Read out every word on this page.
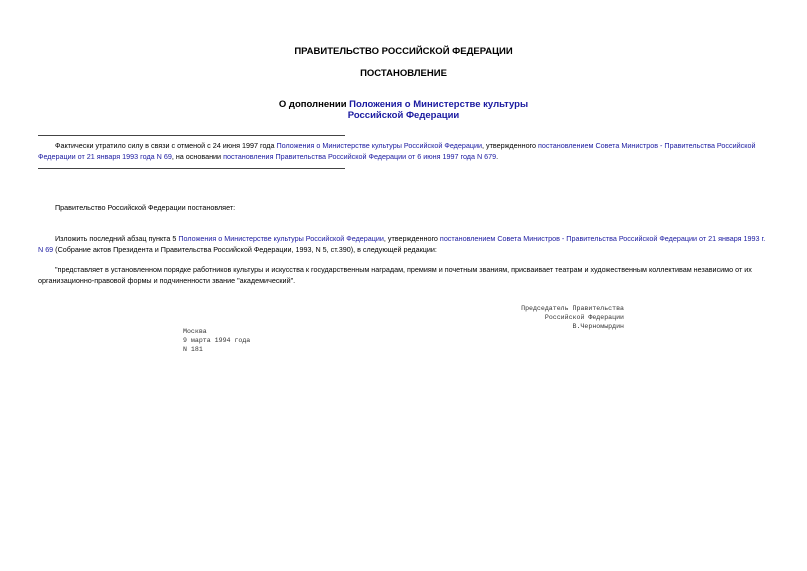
ПРАВИТЕЛЬСТВО РОССИЙСКОЙ ФЕДЕРАЦИИ
ПОСТАНОВЛЕНИЕ
О дополнении Положения о Министерстве культуры
Российской Федерации
Фактически утратило силу в связи с отменой с 24 июня 1997 года Положения о Министерстве культуры Российской Федерации, утвержденного постановлением Совета Министров - Правительства Российской Федерации от 21 января 1993 года N 69, на основании постановления Правительства Российской Федерации от 6 июня 1997 года N 679.
Правительство Российской Федерации постановляет:
Изложить последний абзац пункта 5 Положения о Министерстве культуры Российской Федерации, утвержденного постановлением Совета Министров - Правительства Российской Федерации от 21 января 1993 г. N 69 (Собрание актов Президента и Правительства Российской Федерации, 1993, N 5, ст.390), в следующей редакции:
"представляет в установленном порядке работников культуры и искусства к государственным наградам, премиям и почетным званиям, присваивает театрам и художественным коллективам независимо от их организационно-правовой формы и подчиненности звание "академический".
Председатель Правительства
Российской Федерации
В.Черномырдин
Москва
9 марта 1994 года
N 181
